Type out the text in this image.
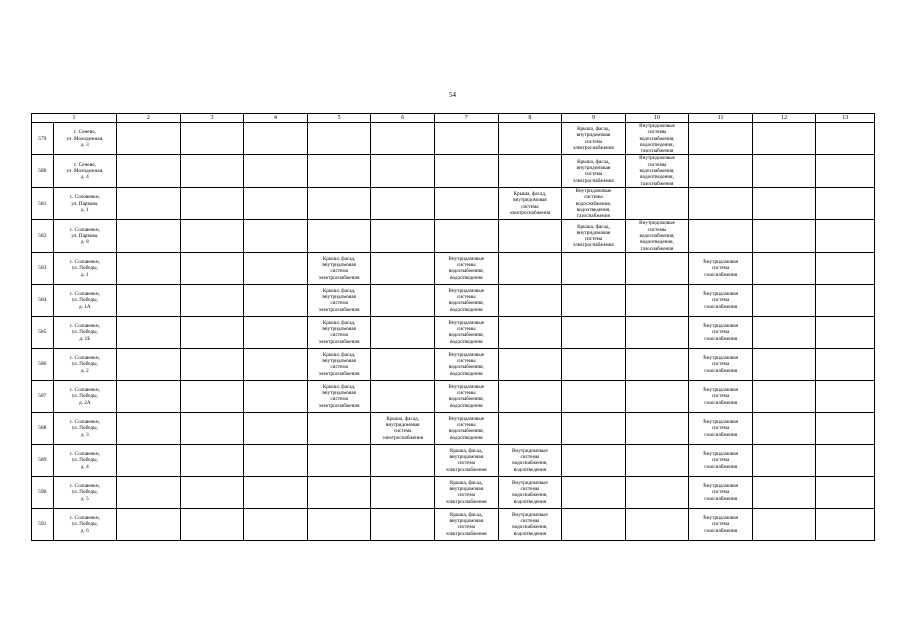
54
1		2	3	4	5	6	7	8	9	10	11	12	13

579	с. Сенево,
ул. Молодежная,
д. 3								Крыша, фасад,
внутридомовая
система
электроснабжения	Внутридомовые
системы
водоснабжения,
водоотведения,
газоснабжения			

580	с. Сенево,
ул. Молодежная,
д. 4								Крыша, фасад,
внутридомовая
система
электроснабжения	Внутридомовые
системы
водоснабжения,
водоотведения,
газоснабжения			

581	с. Соловенки,
ул. Паркова,
д. 1							Крыша, фасад,
внутридомовая
система
электроснабжения	Внутридомовые
системы
водоснабжения,
водоотведения,
газоснабжения				

582	с. Соловенки,
ул. Паркова,
д. 8								Крыша, фасад,
внутридомовая
система
электроснабжения	Внутридомовые
системы
водоснабжения,
водоотведения,
газоснабжения			

583	с. Соловенки,
ул. Победы,
д. 1				Крыша, фасад,
внутридомовая
система
электроснабжения		Внутридомовые
системы
водоснабжения,
водоотведения				Внутридомовая
система
газоснабжения		

584	с. Соловенки,
ул. Победы,
д. 1А				Крыша, фасад,
внутридомовая
система
электроснабжения		Внутридомовые
системы
водоснабжения,
водоотведения				Внутридомовая
система
газоснабжения		

585	с. Соловенки,
ул. Победы,
д. 1Б				Крыша, фасад,
внутридомовая
система
электроснабжения		Внутридомовые
системы
водоснабжения,
водоотведения				Внутридомовая
система
газоснабжения		

586	с. Соловенки,
ул. Победы,
д. 2				Крыша, фасад,
внутридомовая
система
электроснабжения		Внутридомовые
системы
водоснабжения,
водоотведения				Внутридомовая
система
газоснабжения		

587	с. Соловенки,
ул. Победы,
д. 2А				Крыша, фасад,
внутридомовая
система
электроснабжения		Внутридомовые
системы
водоснабжения,
водоотведения				Внутридомовая
система
газоснабжения		

588	с. Соловенки,
ул. Победы,
д. 3					Крыша, фасад,
внутридомовая
система
электроснабжения	Внутридомовые
системы
водоснабжения,
водоотведения				Внутридомовая
система
газоснабжения		

589	с. Соловенки,
ул. Победы,
д. 4						Крыша, фасад,
внутридомовая
система
электроснабжения	Внутридомовые
системы
водоснабжения,
водоотведения			Внутридомовая
система
газоснабжения		

590	с. Соловенки,
ул. Победы,
д. 5						Крыша, фасад,
внутридомовая
система
электроснабжения	Внутридомовые
системы
водоснабжения,
водоотведения			Внутридомовая
система
газоснабжения		

591	с. Соловенки,
ул. Победы,
д. 6						Крыша, фасад,
внутридомовая
система
электроснабжения	Внутридомовые
системы
водоснабжения,
водоотведения			Внутридомовая
система
газоснабжения		
